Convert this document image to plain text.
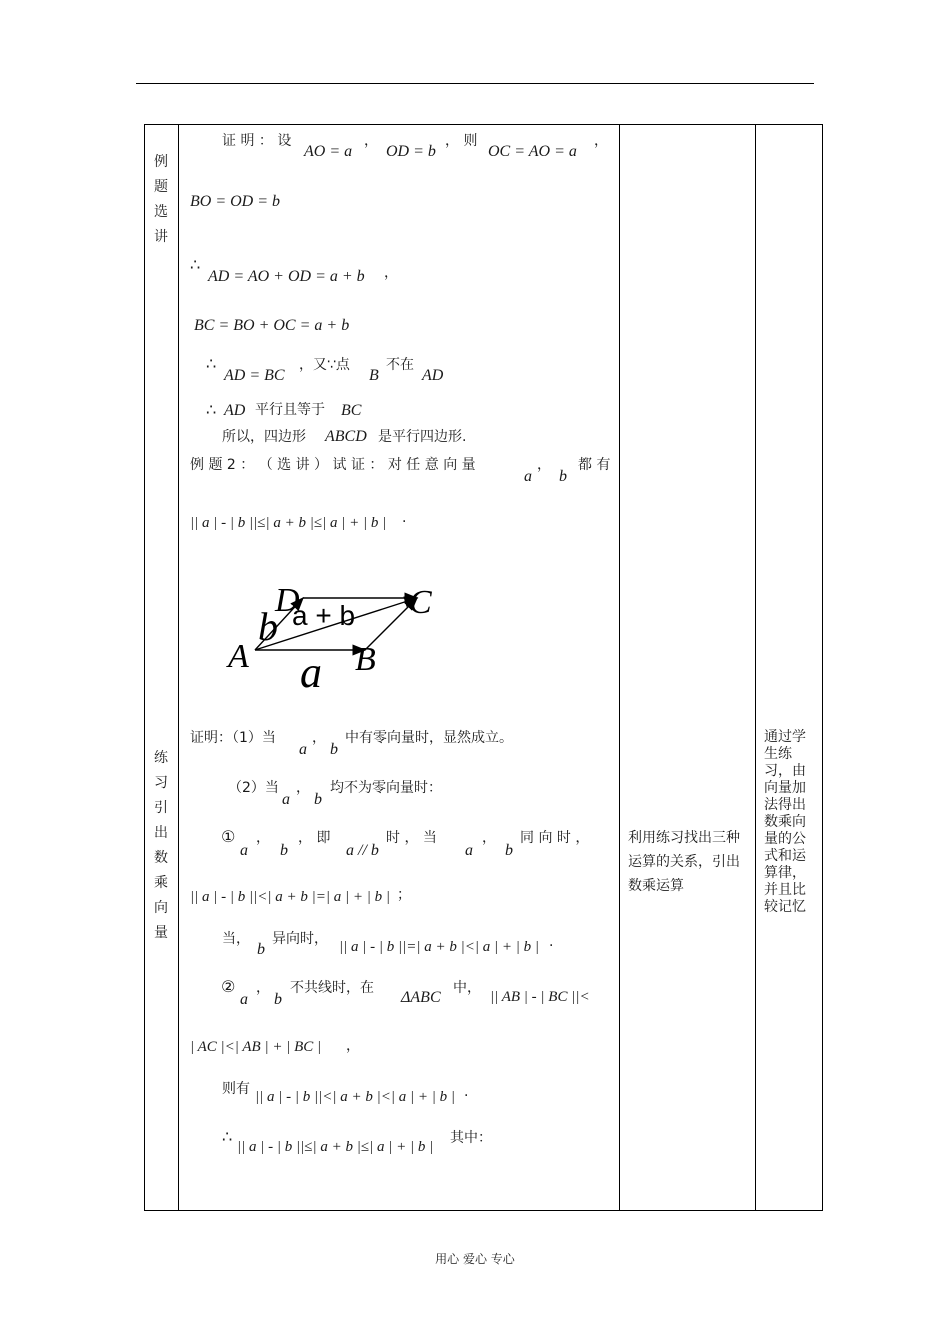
例题选讲
练习引出数乘向量
证 明 ： 设
AO = a
，
OD = b
， 则
OC = AO = a
，
BO = OD = b
∴
AD = AO + OD = a + b ，
BC = BO + OC = a + b
∴
AD = BC
，又∵点
B
不在
AD
∴ AD 平行且等于 BC
所以，四边形 ABCD 是平行四边形.
例 题 2 ： （ 选 讲 ） 试 证 ： 对 任 意 向 量
a
，
b
都 有
|| a | - | b ||≤| a + b |≤| a | + | b | .
D	C
A	B
b a + b
a
证明：（1）当
a
，
b
中有零向量时，显然成立。
（2）当
a
，
b
均不为零向量时：
①
a
，
b
， 即
a // b
时 ， 当
a
，
b
同 向 时 ，
|| a | - | b ||<| a + b |=| a | + | b | ；
当，
b
异向时， || a | - | b ||=| a + b |<| a | + | b | .
②
a
，
b
不共线时，在
ΔABC
中，
|| AB | - | BC ||<
| AC |<| AB | + | BC | ，
则有 || a | - | b ||<| a + b |<| a | + | b | .
∴
|| a | - | b ||≤| a + b |≤| a | + | b |
其中：
利用练习找出三种运算的关系，引出数乘运算
通过学生练习，由向量加法得出数乘向量的公式和运算律，并且比较记忆
用心 爱心 专心
